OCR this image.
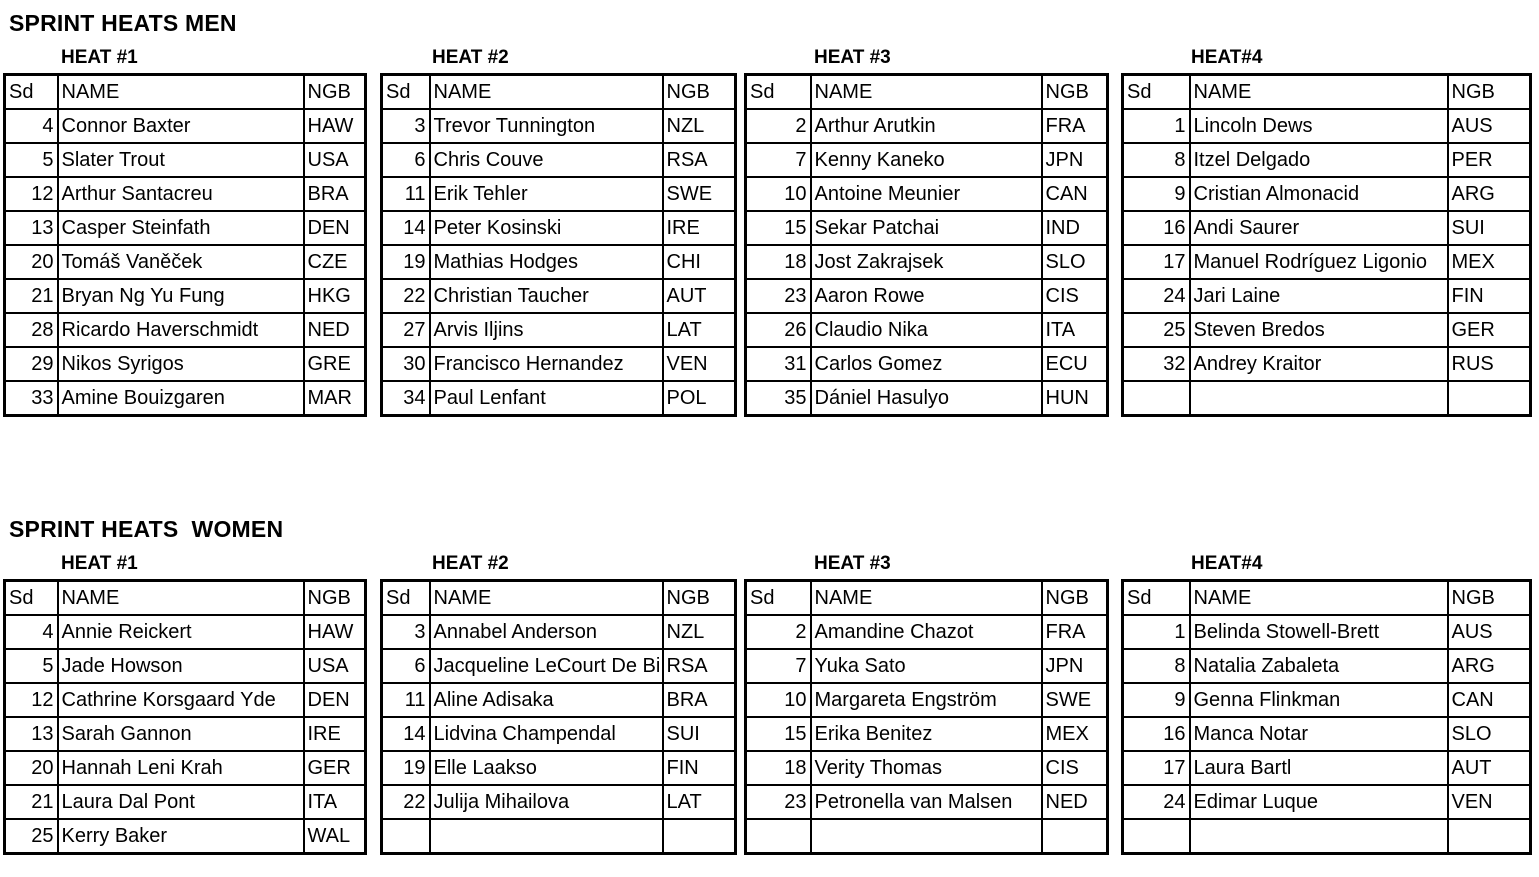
SPRINT HEATS MEN
SPRINT HEATS  WOMEN
HEAT #1
Sd	NAME	NGB
4	Connor Baxter	HAW
5	Slater Trout	USA
12	Arthur Santacreu	BRA
13	Casper Steinfath	DEN
20	Tomáš Vaněček	CZE
21	Bryan Ng Yu Fung	HKG
28	Ricardo Haverschmidt	NED
29	Nikos Syrigos	GRE
33	Amine Bouizgaren	MAR
HEAT #2
Sd	NAME	NGB
3	Trevor Tunnington	NZL
6	Chris Couve	RSA
11	Erik Tehler	SWE
14	Peter Kosinski	IRE
19	Mathias Hodges	CHI
22	Christian Taucher	AUT
27	Arvis Iljins	LAT
30	Francisco Hernandez	VEN
34	Paul Lenfant	POL
HEAT #3
Sd	NAME	NGB
2	Arthur Arutkin	FRA
7	Kenny Kaneko	JPN
10	Antoine Meunier	CAN
15	Sekar Patchai	IND
18	Jost Zakrajsek	SLO
23	Aaron Rowe	CIS
26	Claudio Nika	ITA
31	Carlos Gomez	ECU
35	Dániel Hasulyo	HUN
HEAT#4
Sd	NAME	NGB
1	Lincoln Dews	AUS
8	Itzel Delgado	PER
9	Cristian Almonacid	ARG
16	Andi Saurer	SUI
17	Manuel Rodríguez Ligonio	MEX
24	Jari Laine	FIN
25	Steven Bredos	GER
32	Andrey Kraitor	RUS

HEAT #1
Sd	NAME	NGB
4	Annie Reickert	HAW
5	Jade Howson	USA
12	Cathrine Korsgaard Yde	DEN
13	Sarah Gannon	IRE
20	Hannah Leni Krah	GER
21	Laura Dal Pont	ITA
25	Kerry Baker	WAL
HEAT #2
Sd	NAME	NGB
3	Annabel Anderson	NZL
6	Jacqueline LeCourt De Bi	RSA
11	Aline Adisaka	BRA
14	Lidvina Champendal	SUI
19	Elle Laakso	FIN
22	Julija Mihailova	LAT

HEAT #3
Sd	NAME	NGB
2	Amandine Chazot	FRA
7	Yuka Sato	JPN
10	Margareta Engström	SWE
15	Erika Benitez	MEX
18	Verity Thomas	CIS
23	Petronella van Malsen	NED

HEAT#4
Sd	NAME	NGB
1	Belinda Stowell-Brett	AUS
8	Natalia Zabaleta	ARG
9	Genna Flinkman	CAN
16	Manca Notar	SLO
17	Laura Bartl	AUT
24	Edimar Luque	VEN
